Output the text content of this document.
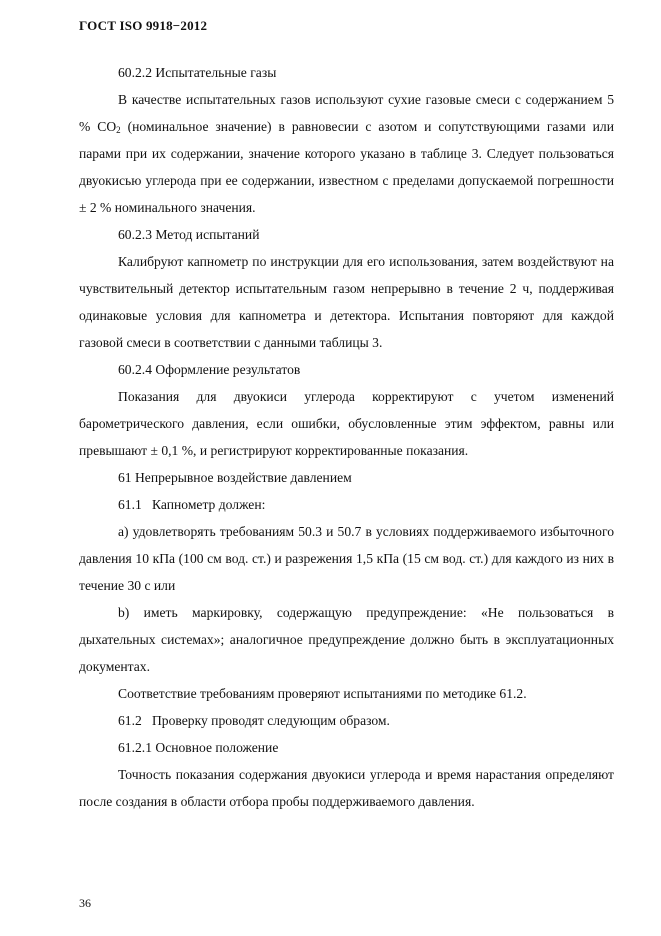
ГОСТ ISO 9918−2012

60.2.2 Испытательные газы

В качестве испытательных газов используют сухие газовые смеси с содержанием 5 % $CO_2$ (номинальное значение) в равновесии с азотом и сопутствующими газами или парами при их содержании, значение которого указано в таблице 3. Следует пользоваться двуокисью углерода при ее содержании, известном с пределами допускаемой погрешности ± 2 % номинального значения.

60.2.3 Метод испытаний

Калибруют капнометр по инструкции для его использования, затем воздействуют на чувствительный детектор испытательным газом непрерывно в течение 2 ч, поддерживая одинаковые условия для капнометра и детектора. Испытания повторяют для каждой газовой смеси в соответствии с данными таблицы 3.

60.2.4 Оформление результатов

Показания для двуокиси углерода корректируют с учетом изменений барометрического давления, если ошибки, обусловленные этим эффектом, равны или превышают ± 0,1 %, и регистрируют корректированные показания.

61 Непрерывное воздействие давлением

61.1   Капнометр должен:

a) удовлетворять требованиям 50.3 и 50.7 в условиях поддерживаемого избыточного давления 10 кПа (100 см вод. ст.) и разрежения 1,5 кПа (15 см вод. ст.) для каждого из них в течение 30 с или

b) иметь маркировку, содержащую предупреждение: «Не пользоваться в дыхательных системах»; аналогичное предупреждение должно быть в эксплуатационных документах.

Соответствие требованиям проверяют испытаниями по методике 61.2.

61.2   Проверку проводят следующим образом.

61.2.1 Основное положение

Точность показания содержания двуокиси углерода и время нарастания определяют после создания в области отбора пробы поддерживаемого давления.

36
